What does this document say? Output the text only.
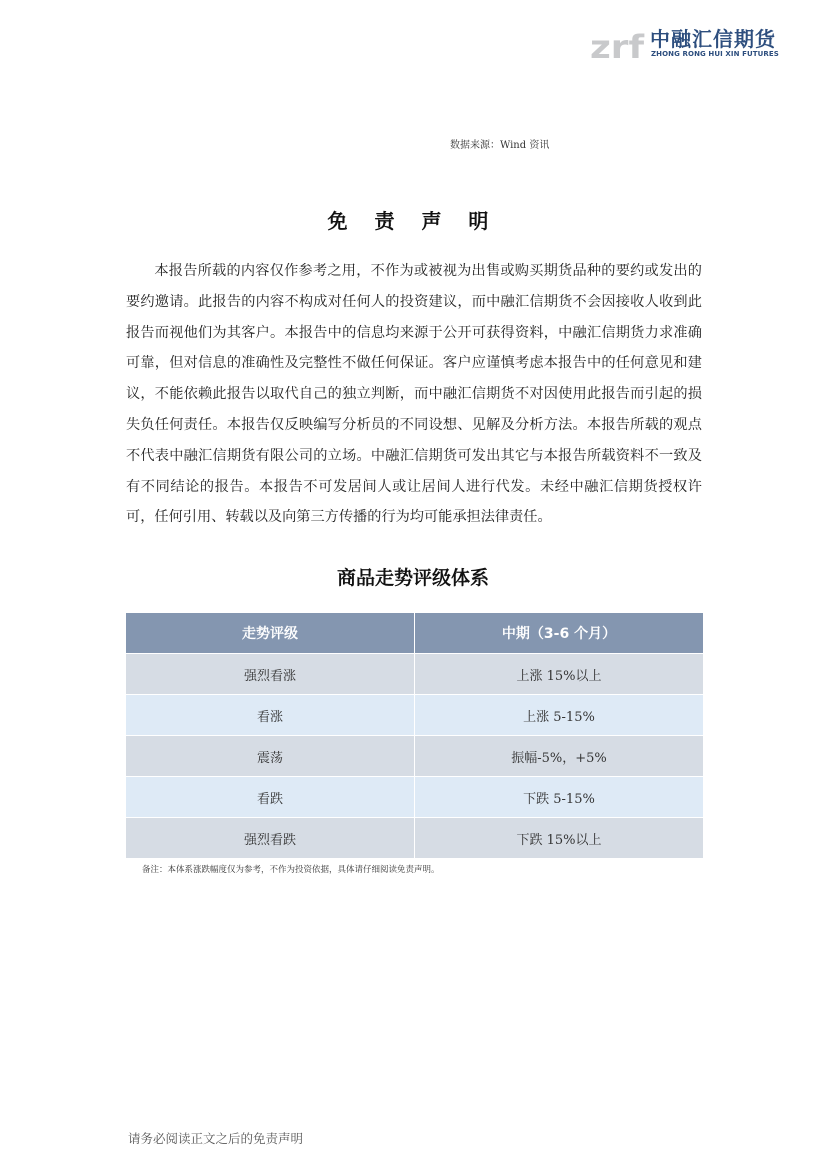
zrf 中融汇信期货
ZHONG RONG HUI XIN FUTURES
数据来源：Wind 资讯
免 责 声 明

本报告所载的内容仅作参考之用，不作为或被视为出售或购买期货品种的要约或发出的要约邀请。此报告的内容不构成对任何人的投资建议，而中融汇信期货不会因接收人收到此报告而视他们为其客户。本报告中的信息均来源于公开可获得资料，中融汇信期货力求准确可靠，但对信息的准确性及完整性不做任何保证。客户应谨慎考虑本报告中的任何意见和建议，不能依赖此报告以取代自己的独立判断，而中融汇信期货不对因使用此报告而引起的损失负任何责任。本报告仅反映编写分析员的不同设想、见解及分析方法。本报告所载的观点不代表中融汇信期货有限公司的立场。中融汇信期货可发出其它与本报告所载资料不一致及有不同结论的报告。本报告不可发居间人或让居间人进行代发。未经中融汇信期货授权许可，任何引用、转载以及向第三方传播的行为均可能承担法律责任。

商品走势评级体系
走势评级	中期（3-6 个月）
强烈看涨	上涨 15%以上
看涨	上涨 5-15%
震荡	振幅-5%，+5%
看跌	下跌 5-15%
强烈看跌	下跌 15%以上
备注：本体系涨跌幅度仅为参考，不作为投资依据，具体请仔细阅读免责声明。
请务必阅读正文之后的免责声明
